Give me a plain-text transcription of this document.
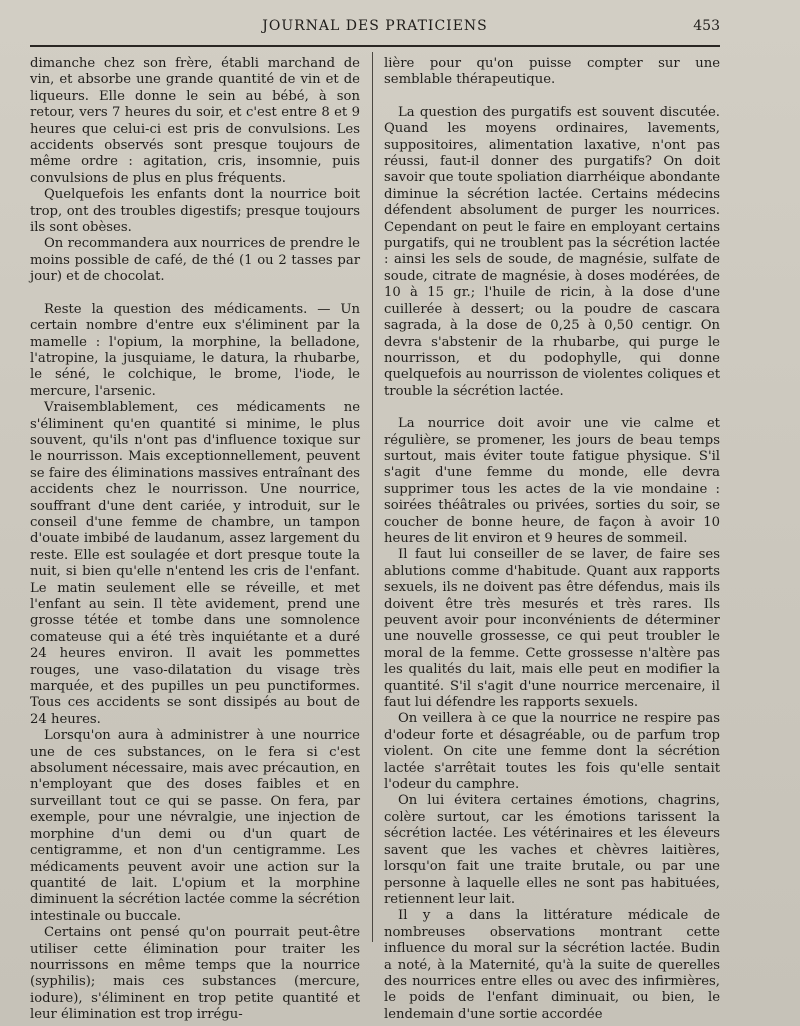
JOURNAL DES PRATICIENS	453

dimanche chez son frère, établi marchand de vin, et absorbe une grande quantité de vin et de liqueurs. Elle donne le sein au bébé, à son retour, vers 7 heures du soir, et c'est entre 8 et 9 heures que celui-ci est pris de convulsions. Les accidents observés sont presque toujours de même ordre : agitation, cris, insomnie, puis convulsions de plus en plus fréquents.

Quelquefois les enfants dont la nourrice boit trop, ont des troubles digestifs; presque toujours ils sont obèses.

On recommandera aux nourrices de prendre le moins possible de café, de thé (1 ou 2 tasses par jour) et de chocolat.

Reste la question des médicaments. — Un certain nombre d'entre eux s'éliminent par la mamelle : l'opium, la morphine, la belladone, l'atropine, la jusquiame, le datura, la rhubarbe, le séné, le colchique, le brome, l'iode, le mercure, l'arsenic.

Vraisemblablement, ces médicaments ne s'éliminent qu'en quantité si minime, le plus souvent, qu'ils n'ont pas d'influence toxique sur le nourrisson. Mais exceptionnellement, peuvent se faire des éliminations massives entraînant des accidents chez le nourrisson. Une nourrice, souffrant d'une dent cariée, y introduit, sur le conseil d'une femme de chambre, un tampon d'ouate imbibé de laudanum, assez largement du reste. Elle est soulagée et dort presque toute la nuit, si bien qu'elle n'entend les cris de l'enfant. Le matin seulement elle se réveille, et met l'enfant au sein. Il tète avidement, prend une grosse tétée et tombe dans une somnolence comateuse qui a été très inquiétante et a duré 24 heures environ. Il avait les pommettes rouges, une vaso-dilatation du visage très marquée, et des pupilles un peu punctiformes. Tous ces accidents se sont dissipés au bout de 24 heures.

Lorsqu'on aura à administrer à une nourrice une de ces substances, on le fera si c'est absolument nécessaire, mais avec précaution, en n'employant que des doses faibles et en surveillant tout ce qui se passe. On fera, par exemple, pour une névralgie, une injection de morphine d'un demi ou d'un quart de centigramme, et non d'un centigramme. Les médicaments peuvent avoir une action sur la quantité de lait. L'opium et la morphine diminuent la sécrétion lactée comme la sécrétion intestinale ou buccale.

Certains ont pensé qu'on pourrait peut-être utiliser cette élimination pour traiter les nourrissons en même temps que la nourrice (syphilis); mais ces substances (mercure, iodure), s'éliminent en trop petite quantité et leur élimination est trop irrégu-

lière pour qu'on puisse compter sur une semblable thérapeutique.

La question des purgatifs est souvent discutée. Quand les moyens ordinaires, lavements, suppositoires, alimentation laxative, n'ont pas réussi, faut-il donner des purgatifs? On doit savoir que toute spoliation diarrhéique abondante diminue la sécrétion lactée. Certains médecins défendent absolument de purger les nourrices. Cependant on peut le faire en employant certains purgatifs, qui ne troublent pas la sécrétion lactée : ainsi les sels de soude, de magnésie, sulfate de soude, citrate de magnésie, à doses modérées, de 10 à 15 gr.; l'huile de ricin, à la dose d'une cuillerée à dessert; ou la poudre de cascara sagrada, à la dose de 0,25 à 0,50 centigr. On devra s'abstenir de la rhubarbe, qui purge le nourrisson, et du podophylle, qui donne quelquefois au nourrisson de violentes coliques et trouble la sécrétion lactée.

La nourrice doit avoir une vie calme et régulière, se promener, les jours de beau temps surtout, mais éviter toute fatigue physique. S'il s'agit d'une femme du monde, elle devra supprimer tous les actes de la vie mondaine : soirées théâtrales ou privées, sorties du soir, se coucher de bonne heure, de façon à avoir 10 heures de lit environ et 9 heures de sommeil.

Il faut lui conseiller de se laver, de faire ses ablutions comme d'habitude. Quant aux rapports sexuels, ils ne doivent pas être défendus, mais ils doivent être très mesurés et très rares. Ils peuvent avoir pour inconvénients de déterminer une nouvelle grossesse, ce qui peut troubler le moral de la femme. Cette grossesse n'altère pas les qualités du lait, mais elle peut en modifier la quantité. S'il s'agit d'une nourrice mercenaire, il faut lui défendre les rapports sexuels.

On veillera à ce que la nourrice ne respire pas d'odeur forte et désagréable, ou de parfum trop violent. On cite une femme dont la sécrétion lactée s'arrêtait toutes les fois qu'elle sentait l'odeur du camphre.

On lui évitera certaines émotions, chagrins, colère surtout, car les émotions tarissent la sécrétion lactée. Les vétérinaires et les éleveurs savent que les vaches et chèvres laitières, lorsqu'on fait une traite brutale, ou par une personne à laquelle elles ne sont pas habituées, retiennent leur lait.

Il y a dans la littérature médicale de nombreuses observations montrant cette influence du moral sur la sécrétion lactée. Budin a noté, à la Maternité, qu'à la suite de querelles des nourrices entre elles ou avec des infirmières, le poids de l'enfant diminuait, ou bien, le lendemain d'une sortie accordée
